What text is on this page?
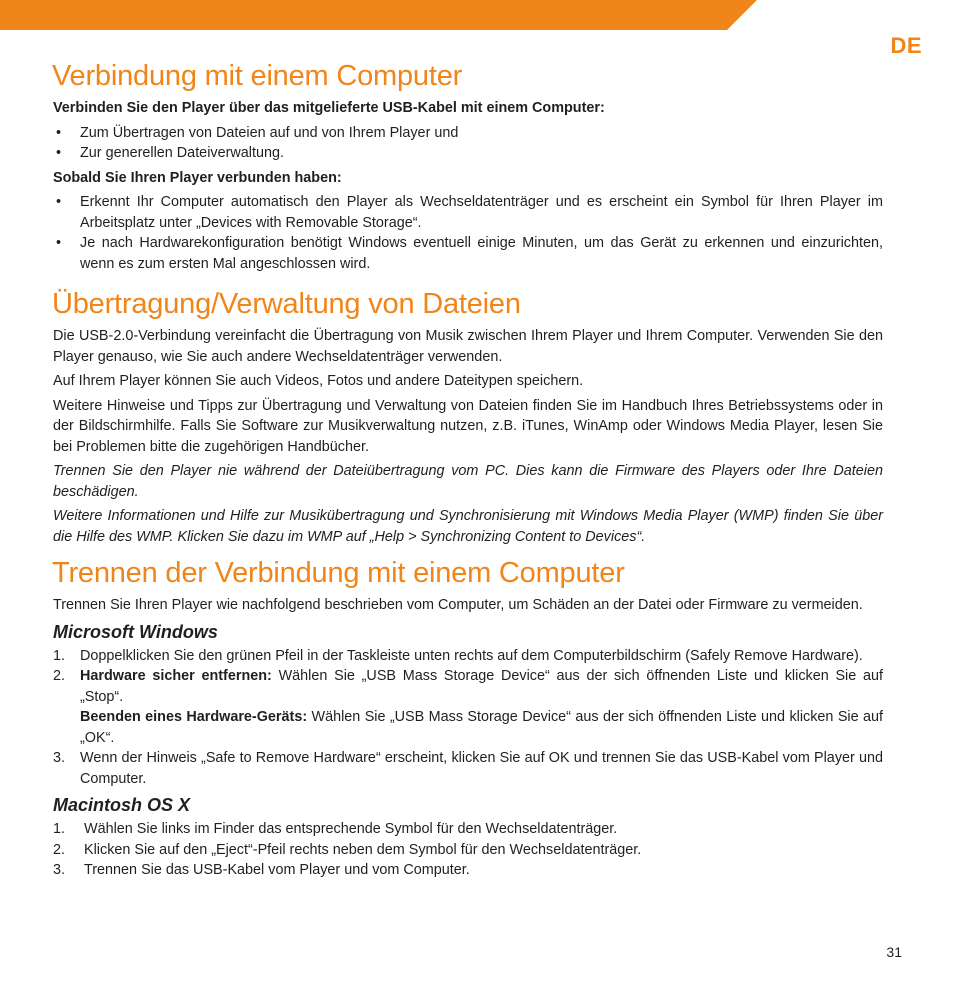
DE
Verbindung mit einem Computer

Verbinden Sie den Player über das mitgelieferte USB-Kabel mit einem Computer:

• Zum Übertragen von Dateien auf und von Ihrem Player und
• Zur generellen Dateiverwaltung.

Sobald Sie Ihren Player verbunden haben:

• Erkennt Ihr Computer automatisch den Player als Wechseldatenträger und es erscheint ein Symbol für Ihren Player im Arbeitsplatz unter „Devices with Removable Storage“.
• Je nach Hardwarekonfiguration benötigt Windows eventuell einige Minuten, um das Gerät zu erkennen und einzurichten, wenn es zum ersten Mal angeschlossen wird.
Übertragung/Verwaltung von Dateien

Die USB-2.0-Verbindung vereinfacht die Übertragung von Musik zwischen Ihrem Player und Ihrem Computer. Verwenden Sie den Player genauso, wie Sie auch andere Wechseldatenträger verwenden.

Auf Ihrem Player können Sie auch Videos, Fotos und andere Dateitypen speichern.

Weitere Hinweise und Tipps zur Übertragung und Verwaltung von Dateien finden Sie im Handbuch Ihres Betriebssystems oder in der Bildschirmhilfe. Falls Sie Software zur Musikverwaltung nutzen, z.B. iTunes, WinAmp oder Windows Media Player, lesen Sie bei Problemen bitte die zugehörigen Handbücher.

Trennen Sie den Player nie während der Dateiübertragung vom PC. Dies kann die Firmware des Players oder Ihre Dateien beschädigen.

Weitere Informationen und Hilfe zur Musikübertragung und Synchronisierung mit Windows Media Player (WMP) finden Sie über die Hilfe des WMP. Klicken Sie dazu im WMP auf „Help > Synchronizing Content to Devices“.

Trennen der Verbindung mit einem Computer

Trennen Sie Ihren Player wie nachfolgend beschrieben vom Computer, um Schäden an der Datei oder Firmware zu vermeiden.

Microsoft Windows
1. Doppelklicken Sie den grünen Pfeil in der Taskleiste unten rechts auf dem Computerbildschirm (Safely Remove Hardware).
2. Hardware sicher entfernen: Wählen Sie „USB Mass Storage Device“ aus der sich öffnenden Liste und klicken Sie auf „Stop“.
Beenden eines Hardware-Geräts: Wählen Sie „USB Mass Storage Device“ aus der sich öffnenden Liste und klicken Sie auf „OK“.
3. Wenn der Hinweis „Safe to Remove Hardware“ erscheint, klicken Sie auf OK und trennen Sie das USB-Kabel vom Player und Computer.
Macintosh OS X
1. Wählen Sie links im Finder das entsprechende Symbol für den Wechseldatenträger.
2. Klicken Sie auf den „Eject“-Pfeil rechts neben dem Symbol für den Wechseldatenträger.
3. Trennen Sie das USB-Kabel vom Player und vom Computer.
31
